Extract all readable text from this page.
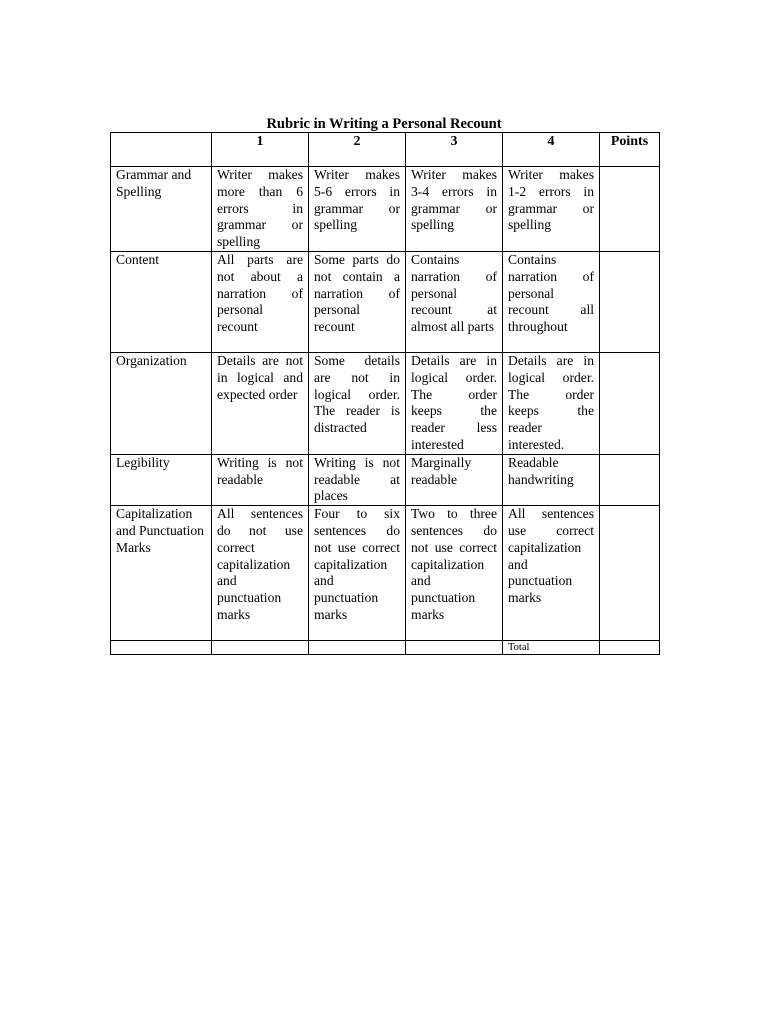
Rubric in Writing a Personal Recount
	1	2	3	4	Points
Grammar and Spelling	Writer makes more than 6 errors in grammar or spelling	Writer makes 5-6 errors in grammar or spelling	Writer makes 3-4 errors in grammar or spelling	Writer makes 1-2 errors in grammar or spelling	
Content	All parts are not about a narration of personal recount	Some parts do not contain a narration of personal recount	Contains narration of personal recount at almost all parts	Contains narration of personal recount all throughout	
Organization	Details are not in logical and expected order	Some details are not in logical order. The reader is distracted	Details are in logical order. The order keeps the reader less interested	Details are in logical order. The order keeps the reader interested.	
Legibility	Writing is not readable	Writing is not readable at places	Marginally readable	Readable handwriting	
Capitalization and Punctuation Marks	All sentences do not use correct capitalization and punctuation marks	Four to six sentences do not use correct capitalization and punctuation marks	Two to three sentences do not use correct capitalization and punctuation marks	All sentences use correct capitalization and punctuation marks	
				Total	
